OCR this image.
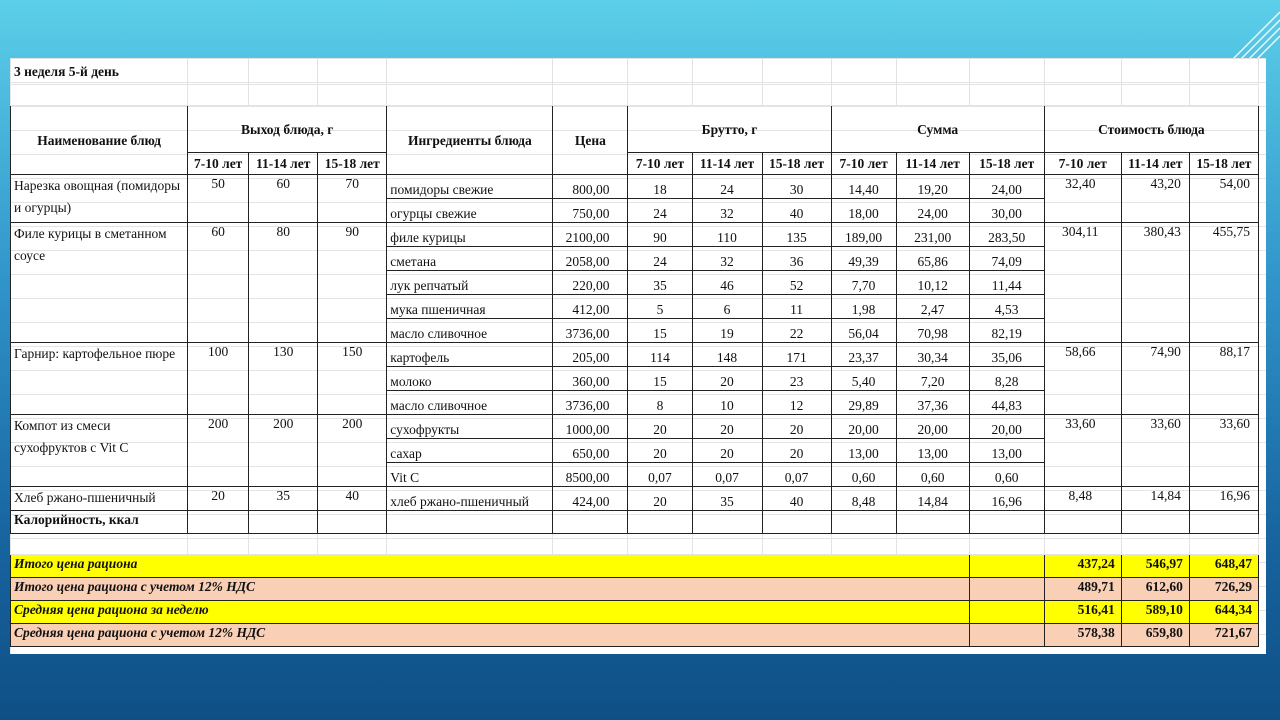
3 неделя 5-й день														

Наименование блюд	Выход блюда, г			Ингредиенты блюда	Цена	Брутто, г			Сумма			Стоимость блюда		
	7-10 лет	11-14 лет	15-18 лет			7-10 лет	11-14 лет	15-18 лет	7-10 лет	11-14 лет	15-18 лет	7-10 лет	11-14 лет	15-18 лет
Нарезка овощная (помидоры и огурцы)	50	60	70	помидоры свежие	800,00	18	24	30	14,40	19,20	24,00	32,40	43,20	54,00
				огурцы свежие	750,00	24	32	40	18,00	24,00	30,00			
Филе курицы в сметанном соусе	60	80	90	филе курицы	2100,00	90	110	135	189,00	231,00	283,50	304,11	380,43	455,75
				сметана	2058,00	24	32	36	49,39	65,86	74,09			
				лук репчатый	220,00	35	46	52	7,70	10,12	11,44			
				мука пшеничная	412,00	5	6	11	1,98	2,47	4,53			
				масло сливочное	3736,00	15	19	22	56,04	70,98	82,19			
Гарнир: картофельное пюре	100	130	150	картофель	205,00	114	148	171	23,37	30,34	35,06	58,66	74,90	88,17
				молоко	360,00	15	20	23	5,40	7,20	8,28			
				масло сливочное	3736,00	8	10	12	29,89	37,36	44,83			
Компот из смеси сухофруктов с Vit C	200	200	200	сухофрукты	1000,00	20	20	20	20,00	20,00	20,00	33,60	33,60	33,60
				сахар	650,00	20	20	20	13,00	13,00	13,00			
				Vit C	8500,00	0,07	0,07	0,07	0,60	0,60	0,60			
Хлеб ржано-пшеничный	20	35	40	хлеб ржано-пшеничный	424,00	20	35	40	8,48	14,84	16,96	8,48	14,84	16,96
Калорийность, ккал														

Итого цена рациона												437,24	546,97	648,47
Итого цена рациона с учетом 12% НДС												489,71	612,60	726,29
Средняя цена рациона за неделю												516,41	589,10	644,34
Средняя цена рациона с учетом 12% НДС												578,38	659,80	721,67
